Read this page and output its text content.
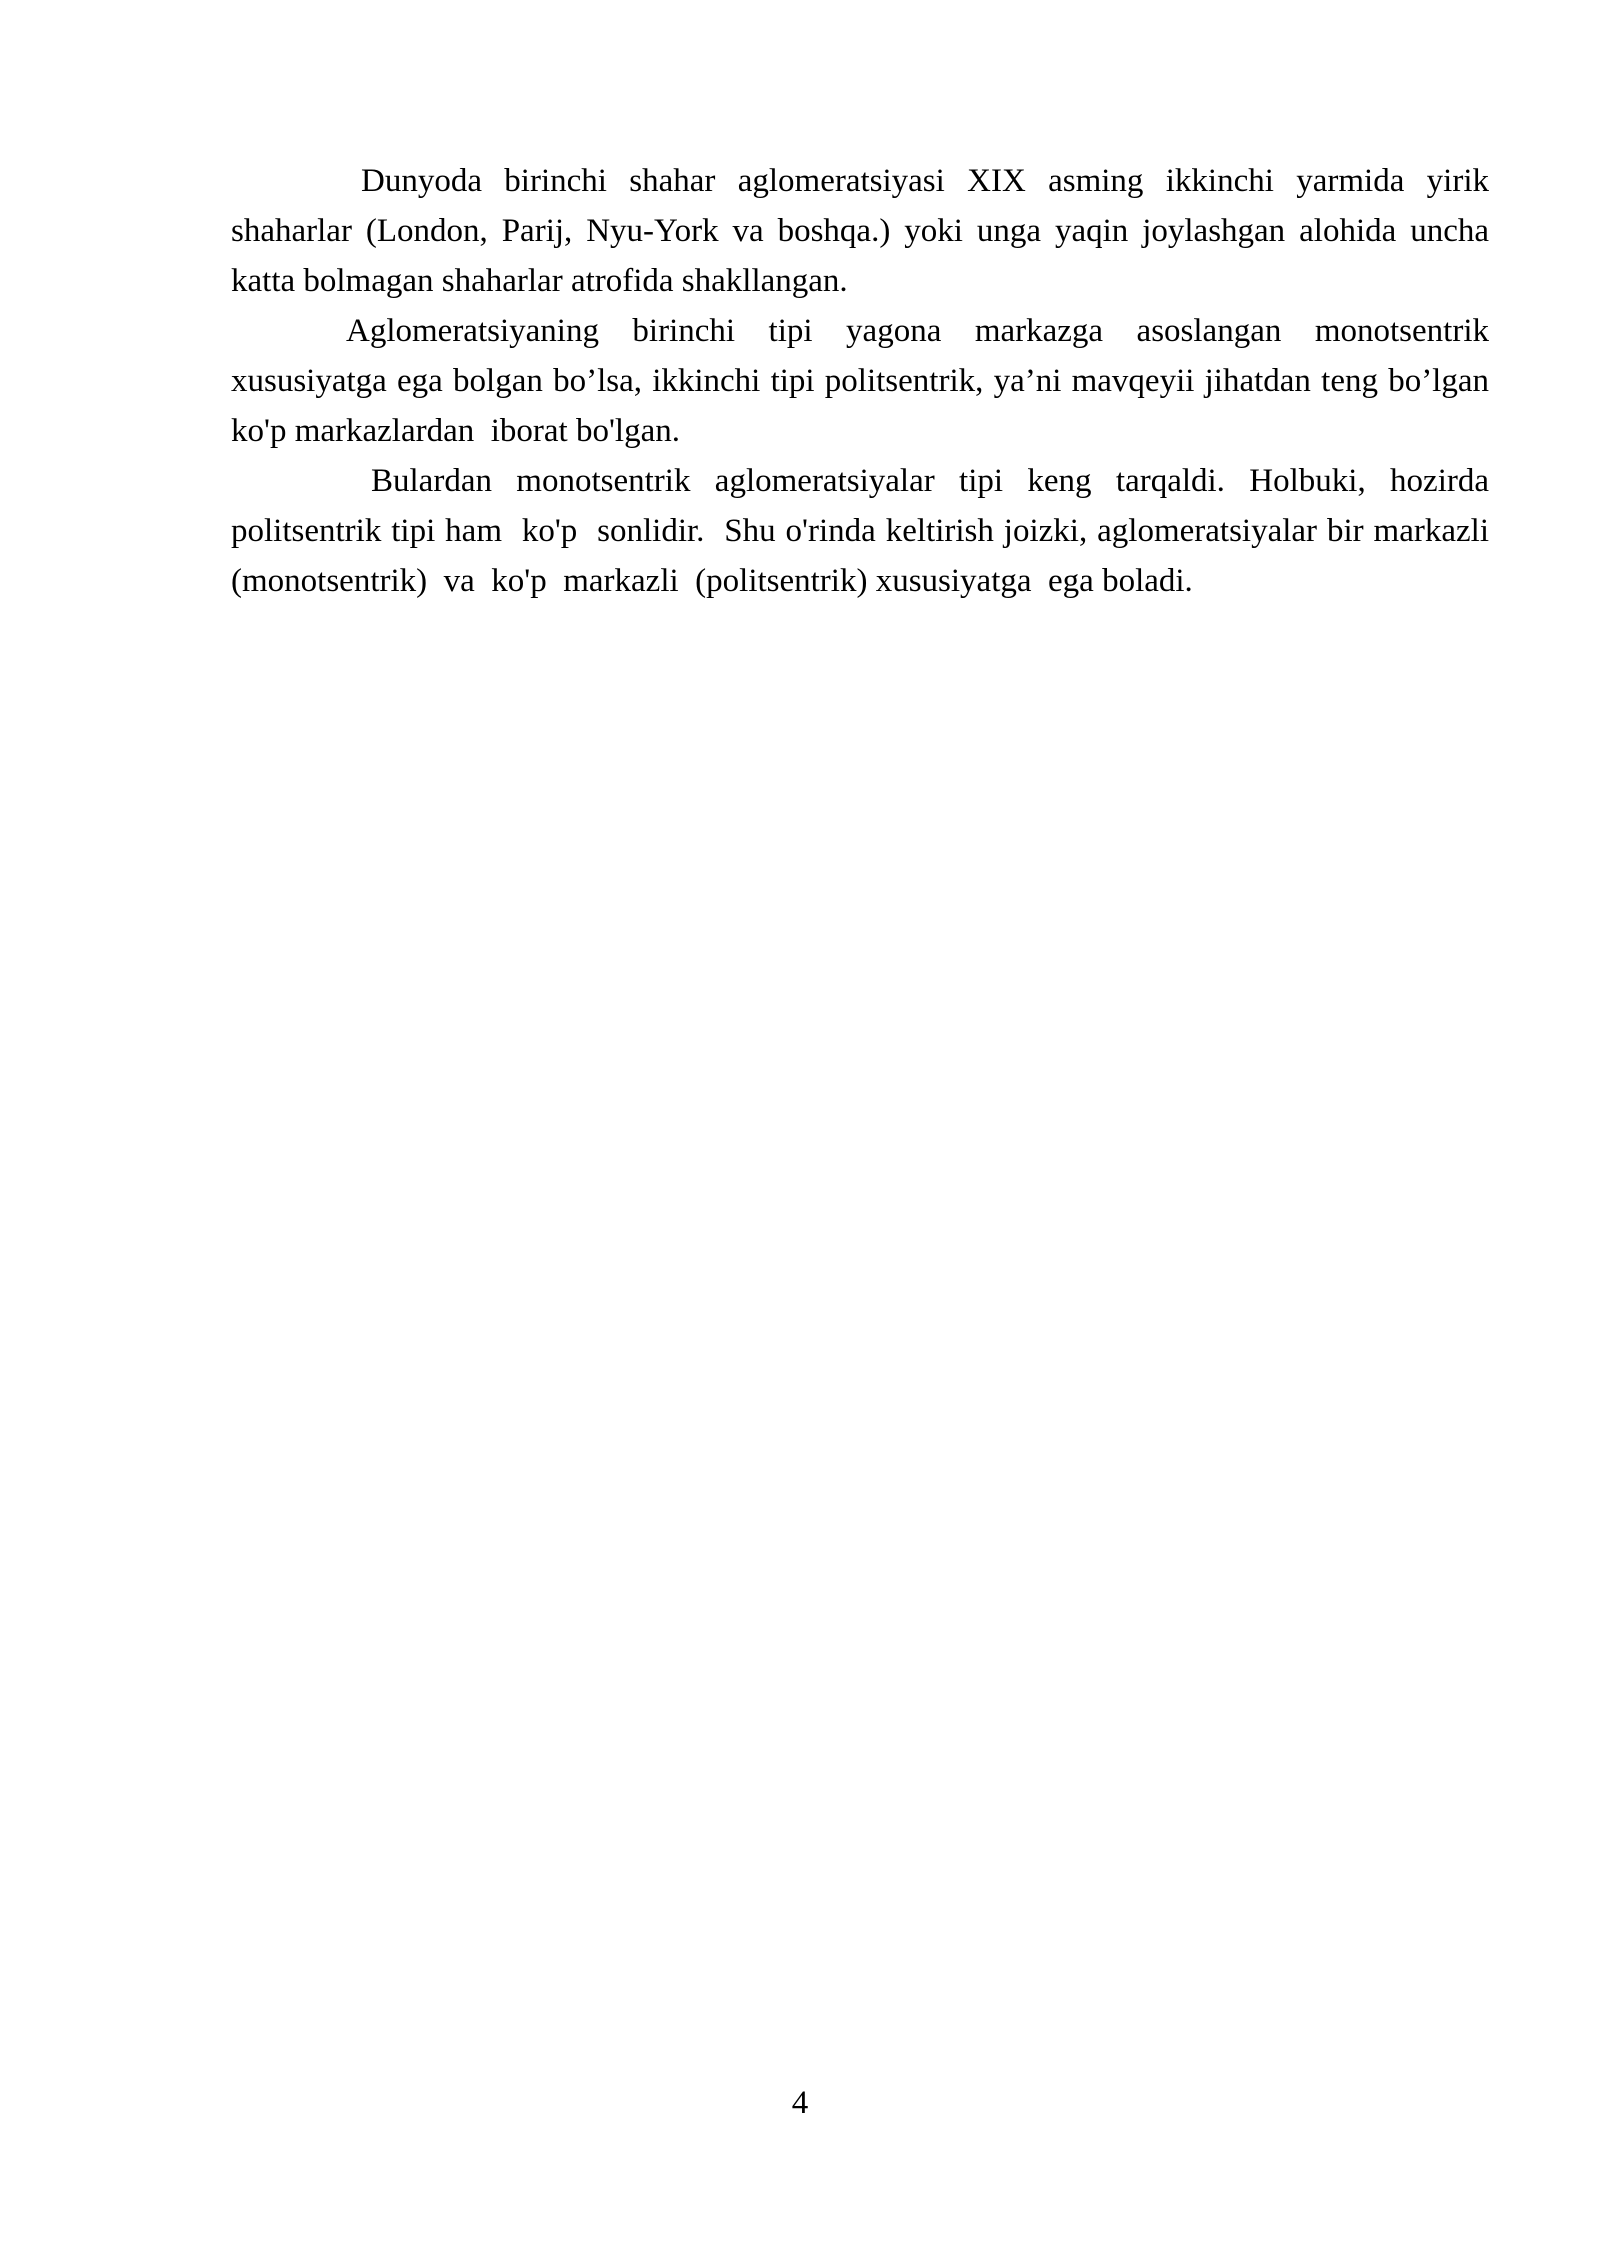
Dunyoda birinchi shahar aglomeratsiyasi XIX asming ikkinchi yarmida yirik shaharlar (London, Parij, Nyu-York va boshqa.) yoki unga yaqin joylashgan alohida uncha katta bolmagan shaharlar atrofida shakllangan.

Aglomeratsiyaning birinchi tipi yagona markazga asoslangan monotsentrik xususiyatga ega bolgan bo’lsa, ikkinchi tipi politsentrik, ya’ni mavqeyii jihatdan teng bo’lgan ko'p markazlardan  iborat bo'lgan.

Bulardan monotsentrik aglomeratsiyalar tipi keng tarqaldi. Holbuki, hozirda politsentrik tipi ham  ko'p  sonlidir.  Shu o'rinda keltirish joizki, aglomeratsiyalar bir markazli (monotsentrik)  va  ko'p  markazli  (politsentrik) xususiyatga  ega boladi.

4
